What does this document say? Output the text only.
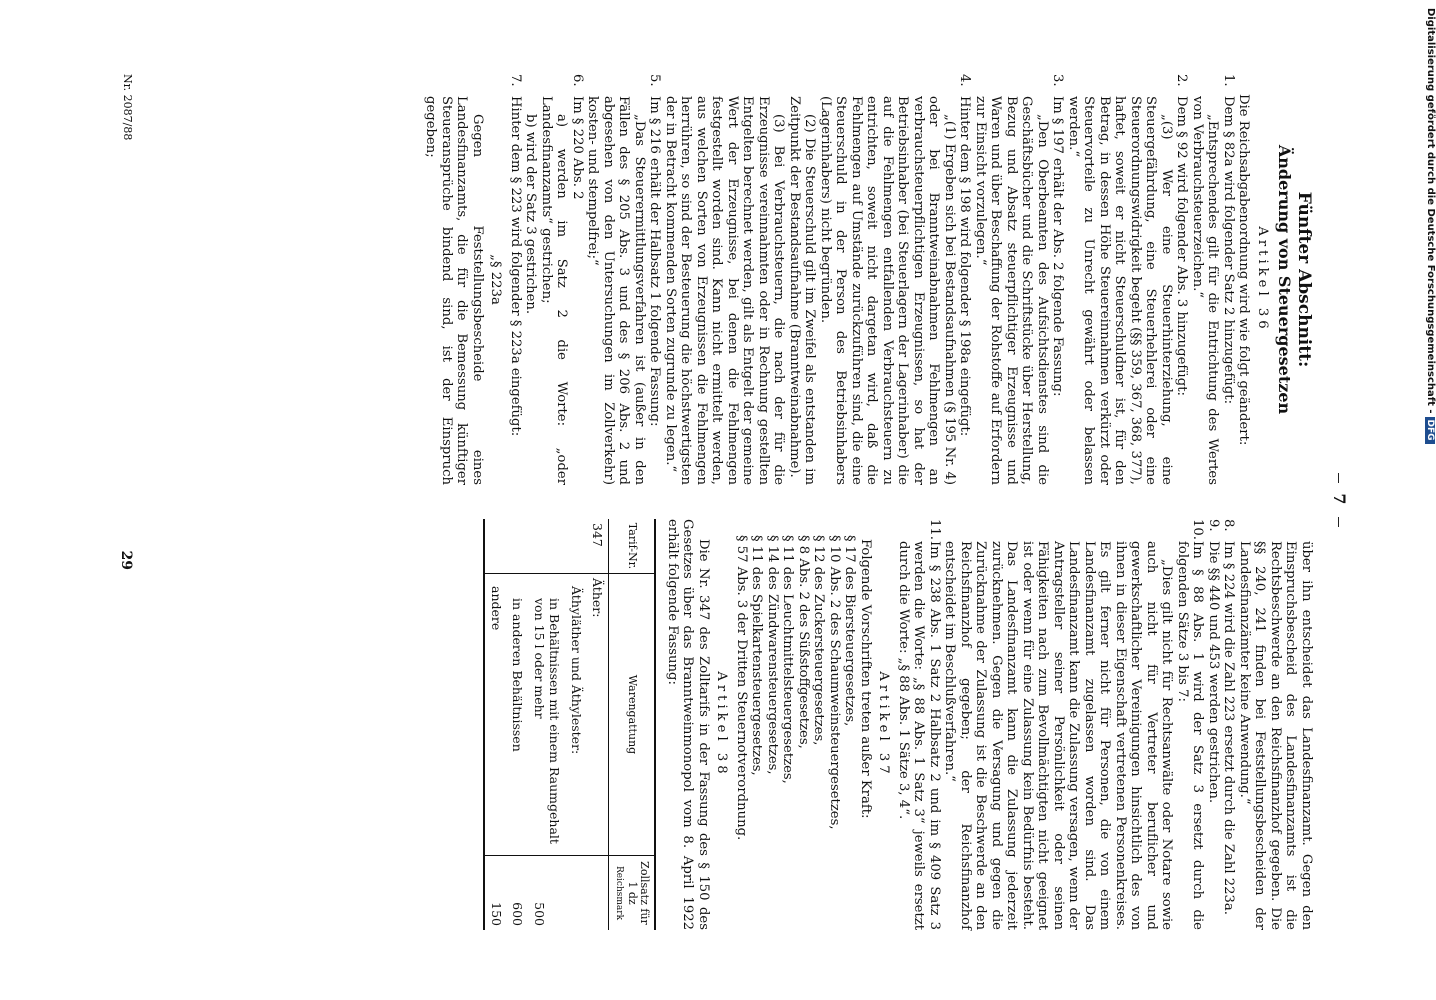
7

Fünfter Abschnitt:

Änderung von Steuergesetzen

Artikel 36

Die Reichsabgabenordnung wird wie folgt geändert:

1.
Dem § 82a wird folgender Satz 2 hinzugefügt:

„Entsprechendes gilt für die Entrichtung des Wertes von Verbrauchsteuerzeichen.“

2.
Dem § 92 wird folgender Abs. 3 hinzugefügt:

„(3) Wer eine Steuerhinterziehung, eine Steuergefährdung, eine Steuerhehlerei oder eine Steuerordnungswidrigkeit begeht (§§ 359, 367, 368, 377), haftet, soweit er nicht Steuerschuldner ist, für den Betrag, in dessen Höhe Steuereinnahmen verkürzt oder Steuervorteile zu Unrecht gewährt oder belassen werden.“

3.
Im § 197 erhält der Abs. 2 folgende Fassung:

„Den Oberbeamten des Aufsichtsdienstes sind die Geschäftsbücher und die Schriftstücke über Herstellung, Bezug und Absatz steuerpflichtiger Erzeugnisse und Waren und über Beschaffung der Rohstoffe auf Erfordern zur Einsicht vorzulegen.“

4.
Hinter dem § 198 wird folgender § 198a eingefügt:

„(1) Ergeben sich bei Bestandsaufnahmen (§ 195 Nr. 4) oder bei Branntweinabnahmen Fehlmengen an verbrauchsteuerpflichtigen Erzeugnissen, so hat der Betriebsinhaber (bei Steuerlagern der Lagerinhaber) die auf die Fehlmengen entfallenden Verbrauchsteuern zu entrichten, soweit nicht dargetan wird, daß die Fehlmengen auf Umstände zurückzuführen sind, die eine Steuerschuld in der Person des Betriebsinhabers (Lagerinhabers) nicht begründen.

(2) Die Steuerschuld gilt im Zweifel als entstanden im Zeitpunkt der Bestandsaufnahme (Branntweinabnahme).

(3) Bei Verbrauchsteuern, die nach der für die Erzeugnisse vereinnahmten oder in Rechnung gestellten Entgelten berechnet werden, gilt als Entgelt der gemeine Wert der Erzeugnisse, bei denen die Fehlmengen festgestellt worden sind. Kann nicht ermittelt werden, aus welchen Sorten von Erzeugnissen die Fehlmengen herrühren, so sind der Besteuerung die höchstwertigsten der in Betracht kommenden Sorten zugrunde zu legen.“

5.
Im § 216 erhält der Halbsatz 1 folgende Fassung:

„Das Steuerermittlungsverfahren ist (außer in den Fällen des § 205 Abs. 3 und des § 206 Abs. 2 und abgesehen von den Untersuchungen im Zollverkehr) kosten- und stempelfrei;“

6.
Im § 220 Abs. 2

a) werden im Satz 2 die Worte: „oder Landesfinanzamts“ gestrichen;

b) wird der Satz 3 gestrichen.

7.
Hinter dem § 223 wird folgender § 223a eingefügt:
„§ 223a

Gegen Feststellungsbescheide eines Landesfinanzamts, die für die Bemessung künftiger Steueransprüche bindend sind, ist der Einspruch gegeben;

über ihn entscheidet das Landesfinanzamt. Gegen den Einspruchsbescheid des Landesfinanzamts ist die Rechtsbeschwerde an den Reichsfinanzhof gegeben. Die §§ 240, 241 finden bei Feststellungsbescheiden der Landesfinanzämter keine Anwendung.“

8.
Im § 224 wird die Zahl 223 ersetzt durch die Zahl 223a.
9.
Die §§ 440 und 453 werden gestrichen.
10.
Im § 88 Abs. 1 wird der Satz 3 ersetzt durch die folgenden Sätze 3 bis 7:

„Dies gilt nicht für Rechtsanwälte oder Notare sowie auch nicht für Vertreter beruflicher und gewerkschaftlicher Vereinigungen hinsichtlich des von ihnen in dieser Eigenschaft vertretenen Personenkreises. Es gilt ferner nicht für Personen, die von einem Landesfinanzamt zugelassen worden sind. Das Landesfinanzamt kann die Zulassung versagen, wenn der Antragsteller seiner Persönlichkeit oder seinen Fähigkeiten nach zum Bevollmächtigten nicht geeignet ist oder wenn für eine Zulassung kein Bedürfnis besteht. Das Landesfinanzamt kann die Zulassung jederzeit zurücknehmen. Gegen die Versagung und gegen die Zurücknahme der Zulassung ist die Beschwerde an den Reichsfinanzhof gegeben; der Reichsfinanzhof entscheidet im Beschlußverfahren.“

11.
Im § 238 Abs. 1 Satz 2 Halbsatz 2 und im § 409 Satz 3 werden die Worte: „§ 88 Abs. 1 Satz 3“ jeweils ersetzt durch die Worte: „§ 88 Abs. 1 Sätze 3, 4“.
Artikel 37

Folgende Vorschriften treten außer Kraft:

§ 17 des Biersteuergesetzes,
§ 10 Abs. 2 des Schaumweinsteuergesetzes,
§ 12 des Zuckersteuergesetzes,
§ 8 Abs. 2 des Süßstoffgesetzes,
§ 11 des Leuchtmittelsteuergesetzes,
§ 14 des Zündwarensteuergesetzes,
§ 11 des Spielkartensteuergesetzes,
§ 57 Abs. 3 der Dritten Steuernotverordnung.
Artikel 38

Die Nr. 347 des Zolltarifs in der Fassung des § 150 des Gesetzes über das Branntweinmonopol vom 8. April 1922 erhält folgende Fassung:

Tarif-Nr.	Warengattung	Zollsatz für 1 dz
Reichsmark
347	Äther:	
	Äthyläther und Äthylester:	
	in Behältnissen mit einem Raumgehalt von 15 l oder mehr	500
	in anderen Behältnissen	600
	andere	150
Nr. 2087/88
29
Digitalisierung gefördert durch die Deutsche Forschungsgemeinschaft -DFG
